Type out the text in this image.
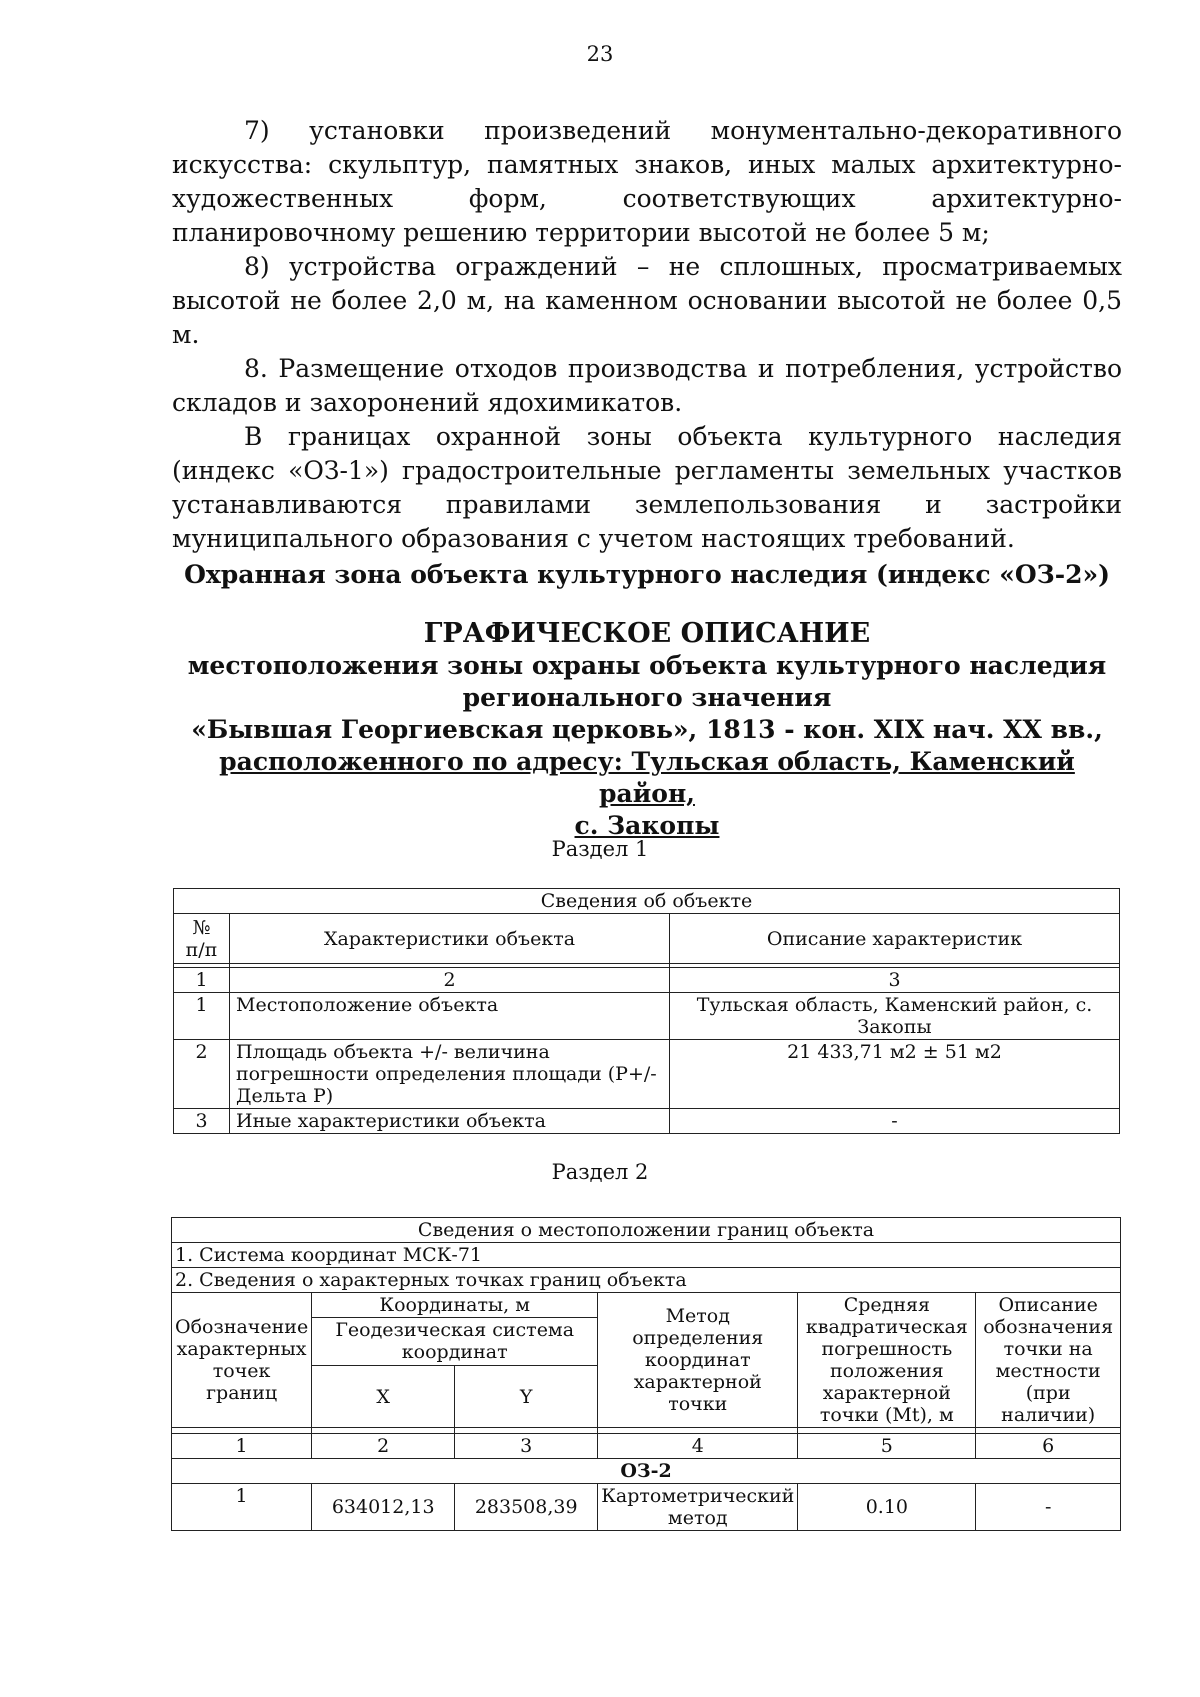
23

7) установки произведений монументально-декоративного искусства: скульптур, памятных знаков, иных малых архитектурно-художественных форм, соответствующих архитектурно-планировочному решению территории высотой не более 5 м;

8) устройства ограждений – не сплошных, просматриваемых высотой не более 2,0 м, на каменном основании высотой не более 0,5 м.

8. Размещение отходов производства и потребления, устройство складов и захоронений ядохимикатов.

В границах охранной зоны объекта культурного наследия (индекс «ОЗ-1») градостроительные регламенты земельных участков устанавливаются правилами землепользования и застройки муниципального образования с учетом настоящих требований.

Охранная зона объекта культурного наследия (индекс «ОЗ-2»)
ГРАФИЧЕСКОЕ ОПИСАНИЕ
местоположения зоны охраны объекта культурного наследия
регионального значения
«Бывшая Георгиевская церковь», 1813 - кон. XIX нач. XX вв.,
расположенного по адресу: Тульская область, Каменский район,
с. Закопы
Раздел 1
Сведения об объекте		
№ п/п	Характеристики объекта	Описание характеристик

1	2	3
1	Местоположение объекта	Тульская область, Каменский район, с. Закопы
2	Площадь объекта +/- величина погрешности определения площади (P+/- Дельта P)	21 433,71 м2 ± 51 м2
3	Иные характеристики объекта	-
Раздел 2
Сведения о местоположении границ объекта					
1. Система координат МСК-71					
2. Сведения о характерных точках границ объекта					
Обозначение характерных точек границ	Координаты, м		Метод определения координат характерной точки	Средняя квадратическая погрешность положения характерной точки (Mt), м	Описание обозначения точки на местности (при наличии)
	Геодезическая система координат				
	X	Y			

1	2	3	4	5	6
ОЗ-2					
1	634012,13	283508,39	Картометрический метод	0.10	-
